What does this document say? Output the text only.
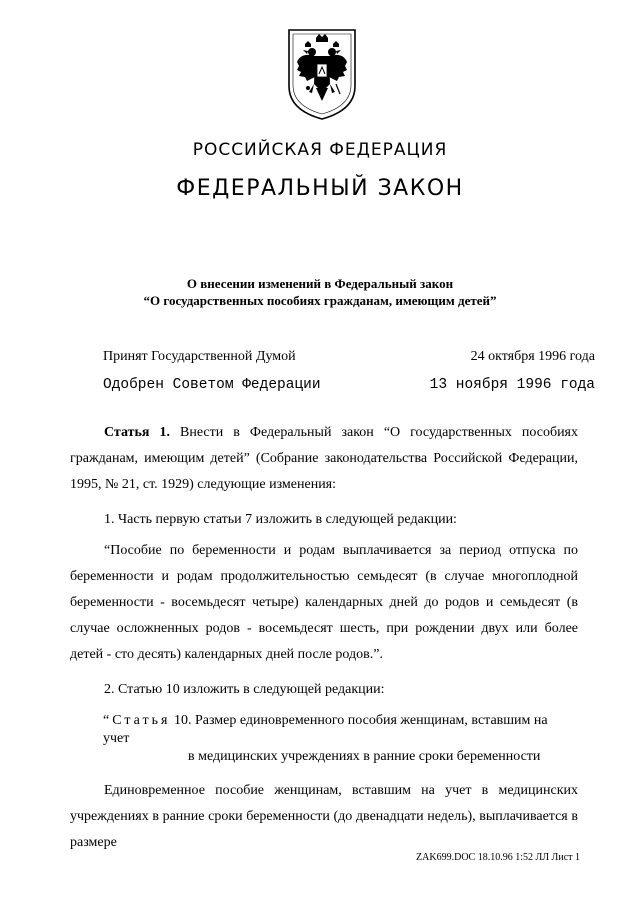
РОССИЙСКАЯ ФЕДЕРАЦИЯ
ФЕДЕРАЛЬНЫЙ ЗАКОН
О внесении изменений в Федеральный закон
“О государственных пособиях гражданам, имеющим детей”
Принят Государственной Думой	24 октября 1996 года
Одобрен Советом Федерации	13 ноября 1996 года
Статья 1. Внести в Федеральный закон “О государственных пособиях гражданам, имеющим детей” (Собрание законодательства Российской Федерации, 1995, № 21, ст. 1929) следующие изменения:
1. Часть первую статьи 7 изложить в следующей редакции:
“Пособие по беременности и родам выплачивается за период отпуска по беременности и родам продолжительностью семьдесят (в случае многоплодной беременности - восемьдесят четыре) календарных дней до родов и семьдесят (в случае осложненных родов - восемьдесят шесть, при рождении двух или более детей - сто десять) календарных дней после родов.”.
2. Статью 10 изложить в следующей редакции:
“Статья 10. Размер единовременного пособия женщинам, вставшим на учет
в медицинских учреждениях в ранние сроки беременности
Единовременное пособие женщинам, вставшим на учет в медицинских учреждениях в ранние сроки беременности (до двенадцати недель), выплачивается в размере
ZAK699.DOC 18.10.96 1:52 ЛЛ Лист 1
